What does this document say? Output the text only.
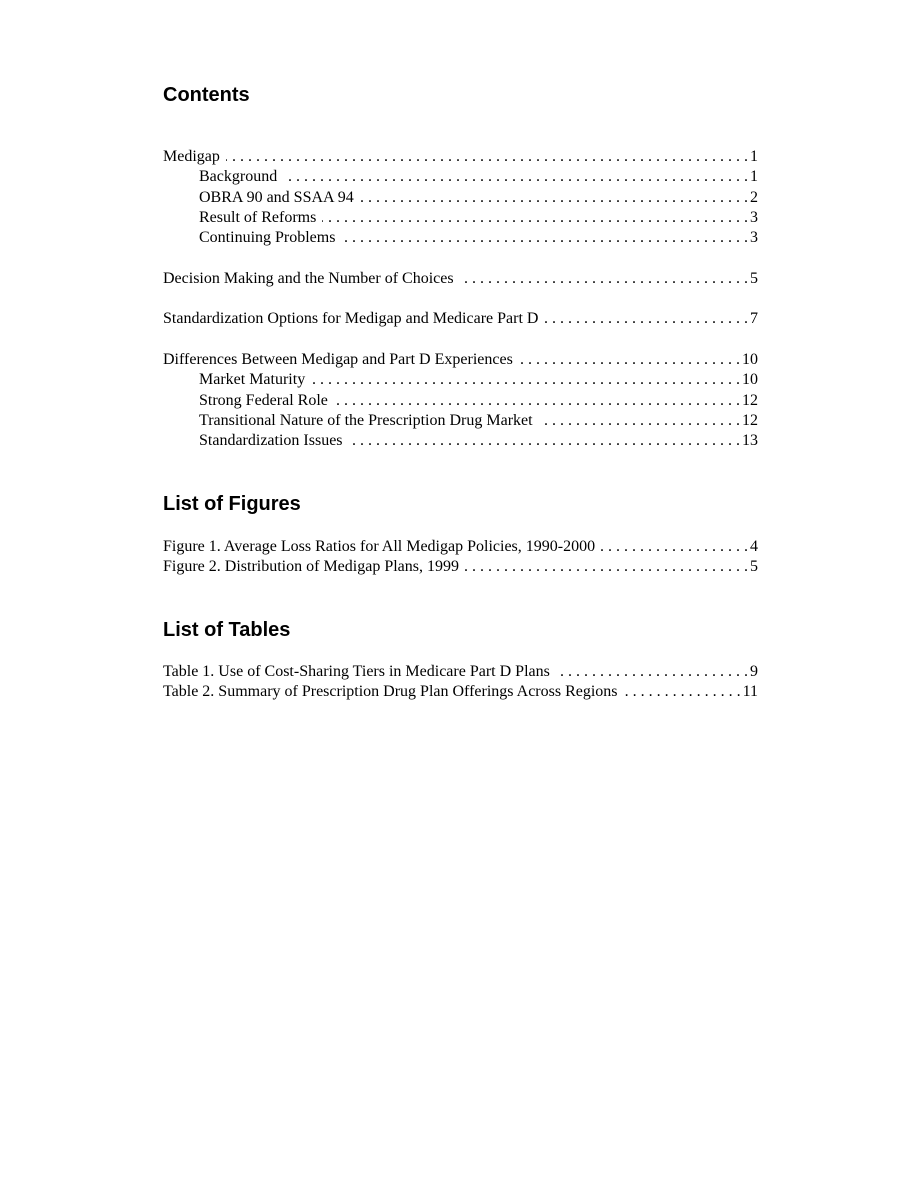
Contents
Medigap . . .	1
Background . . .	1
OBRA 90 and SSAA 94 . . .	2
Result of Reforms . . .	3
Continuing Problems . . .	3
Decision Making and the Number of Choices . . .	5
Standardization Options for Medigap and Medicare Part D . . .	7
Differences Between Medigap and Part D Experiences . . .	10
Market Maturity . . .	10
Strong Federal Role . . .	12
Transitional Nature of the Prescription Drug Market . . .	12
Standardization Issues . . .	13
List of Figures
Figure 1. Average Loss Ratios for All Medigap Policies, 1990-2000 . . .	4
Figure 2. Distribution of Medigap Plans, 1999 . . .	5
List of Tables
Table 1. Use of Cost-Sharing Tiers in Medicare Part D Plans . . .	9
Table 2. Summary of Prescription Drug Plan Offerings Across Regions . . .	11
